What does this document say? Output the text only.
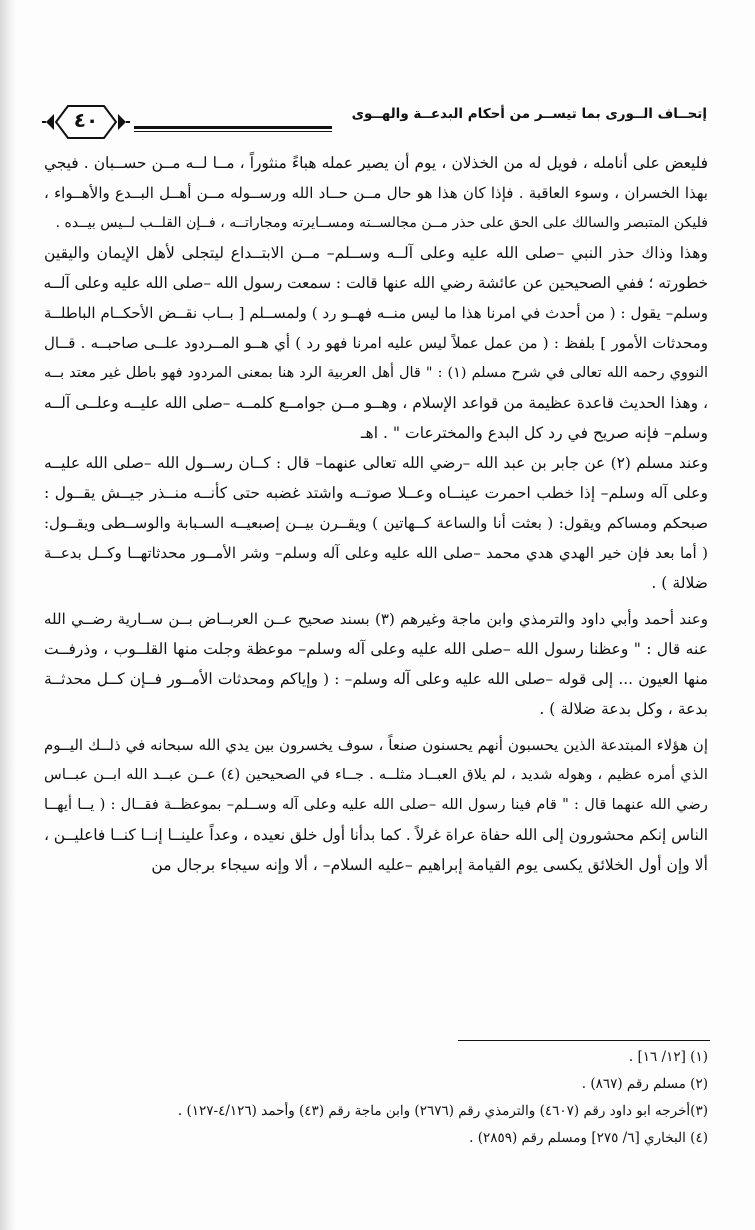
إتحــاف الــورى بما تيســر من أحكام البدعــة والهــوى
٤٠
فليعض على أنامله ، فويل له من الخذلان ، يوم أن يصير عمله هباءً منثوراً ، مــا لــه مــن حســبان . فيجي
بهذا الخسران ، وسوء العاقبة . فإذا كان هذا هو حال مــن حــاد الله ورســوله مــن أهــل البــدع والأهــواء ،
فليكن المتبصر والسالك على الحق على حذر مــن مجالســته ومســايرته ومجاراتــه ، فــإن القلــب لــيس بيــده .
وهذا وذاك حذر النبي –صلى الله عليه وعلى آلــه وســلم– مــن الابتــداع ليتجلى لأهل الإيمان واليقين
خطورته ؛ ففي الصحيحين عن عائشة رضي الله عنها قالت : سمعت رسول الله –صلى الله عليه وعلى آلــه
وسلم– يقول : ( من أحدث في امرنا هذا ما ليس منــه فهــو رد ) ولمســلم [ بــاب نقــض الأحكــام الباطلــة
ومحدثات الأمور ] بلفظ : ( من عمل عملاً ليس عليه امرنا فهو رد ) أي هــو المــردود علــى صاحبــه . قــال
النووي رحمه الله تعالى في شرح مسلم (١) : " قال أهل العربية الرد هنا بمعنى المردود فهو باطل غير معتد بــه
، وهذا الحديث قاعدة عظيمة من قواعد الإسلام ، وهــو مــن جوامــع كلمــه –صلى الله عليــه وعلــى آلــه
وسلم– فإنه صريح في رد كل البدع والمخترعات " . اهـ
وعند مسلم (٢) عن جابر بن عبد الله –رضي الله تعالى عنهما– قال : كــان رســول الله –صلى الله عليــه
وعلى آله وسلم– إذا خطب احمرت عينــاه وعــلا صوتــه واشتد غضبه حتى كأنــه منــذر جيــش يقــول :
صبحكم ومساكم ويقول: ( بعثت أنا والساعة كــهاتين ) ويقــرن بيــن إصبعيــه السـبابة والوســطى ويقــول:
( أما بعد فإن خير الهدي هدي محمد –صلى الله عليه وعلى آله وسلم– وشر الأمــور محدثاتهــا وكــل بدعــة
ضلالة ) .
وعند أحمد وأبي داود والترمذي وابن ماجة وغيرهم (٣) بسند صحيح عــن العربــاض بــن ســارية رضــي الله
عنه قال : " وعظنا رسول الله –صلى الله عليه وعلى آله وسلم– موعظة وجلت منها القلــوب ، وذرفــت
منها العيون ... إلى قوله –صلى الله عليه وعلى آله وسلم– : ( وإياكم ومحدثات الأمــور فــإن كــل محدثــة
بدعة ، وكل بدعة ضلالة ) .
إن هؤلاء المبتدعة الذين يحسبون أنهم يحسنون صنعاً ، سوف يخسرون بين يدي الله سبحانه في ذلــك اليــوم
الذي أمره عظيم ، وهوله شديد ، لم يلاق العبــاد مثلــه . جــاء في الصحيحين (٤) عــن عبــد الله ابــن عبــاس
رضي الله عنهما قال : " قام فينا رسول الله –صلى الله عليه وعلى آله وســلم– بموعظــة فقــال : ( يــا أيهــا
الناس إنكم محشورون إلى الله حفاة عراة غرلاً . كما بدأنا أول خلق نعيده ، وعداً علينــا إنــا كنــا فاعليــن ،
ألا وإن أول الخلائق يكسى يوم القيامة إبراهيم –عليه السلام– ، ألا وإنه سيجاء برجال من
(١) [١٢/ ١٦] .
(٢) مسلم رقم (٨٦٧) .
(٣)أخرجه ابو داود رقم (٤٦٠٧) والترمذي رقم (٢٦٧٦) وابن ماجة رقم (٤٣) وأحمد (٤/١٢٦-١٢٧) .
(٤) البخاري [٦/ ٢٧٥] ومسلم رقم (٢٨٥٩) .
